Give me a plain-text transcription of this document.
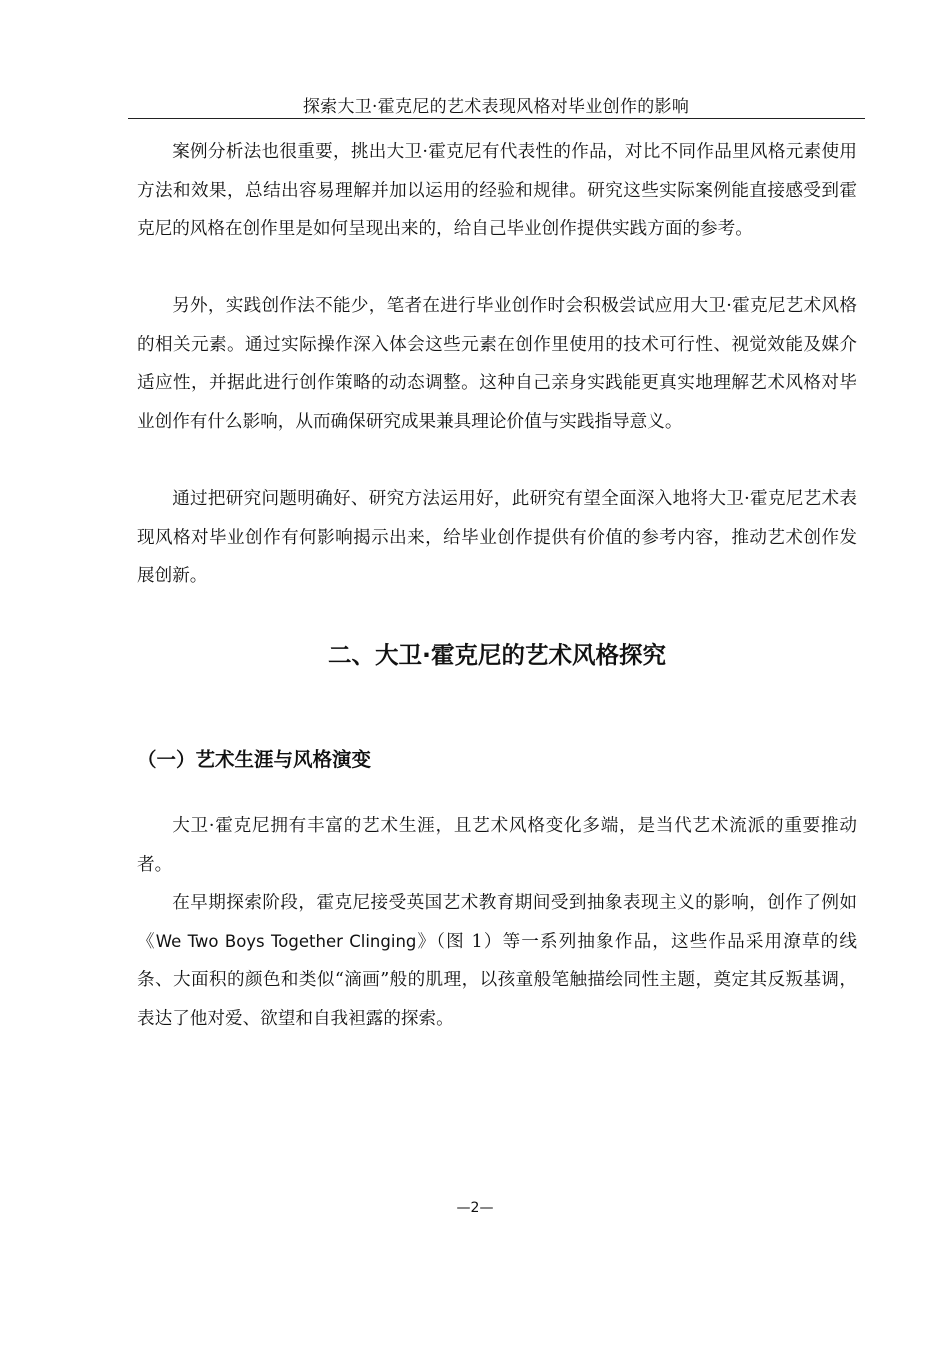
探索大卫·霍克尼的艺术表现风格对毕业创作的影响

案例分析法也很重要，挑出大卫·霍克尼有代表性的作品，对比不同作品里风格元素使用方法和效果，总结出容易理解并加以运用的经验和规律。研究这些实际案例能直接感受到霍克尼的风格在创作里是如何呈现出来的，给自己毕业创作提供实践方面的参考。

另外，实践创作法不能少，笔者在进行毕业创作时会积极尝试应用大卫·霍克尼艺术风格的相关元素。通过实际操作深入体会这些元素在创作里使用的技术可行性、视觉效能及媒介适应性，并据此进行创作策略的动态调整。这种自己亲身实践能更真实地理解艺术风格对毕业创作有什么影响，从而确保研究成果兼具理论价值与实践指导意义。

通过把研究问题明确好、研究方法运用好，此研究有望全面深入地将大卫·霍克尼艺术表现风格对毕业创作有何影响揭示出来，给毕业创作提供有价值的参考内容，推动艺术创作发展创新。

二、大卫·霍克尼的艺术风格探究
（一）艺术生涯与风格演变

大卫·霍克尼拥有丰富的艺术生涯，且艺术风格变化多端，是当代艺术流派的重要推动者。

在早期探索阶段，霍克尼接受英国艺术教育期间受到抽象表现主义的影响，创作了例如《We Two Boys Together Clinging》（图 1）等一系列抽象作品，这些作品采用潦草的线条、大面积的颜色和类似“滴画”般的肌理，以孩童般笔触描绘同性主题，奠定其反叛基调，表达了他对爱、欲望和自我袒露的探索。

—2—
